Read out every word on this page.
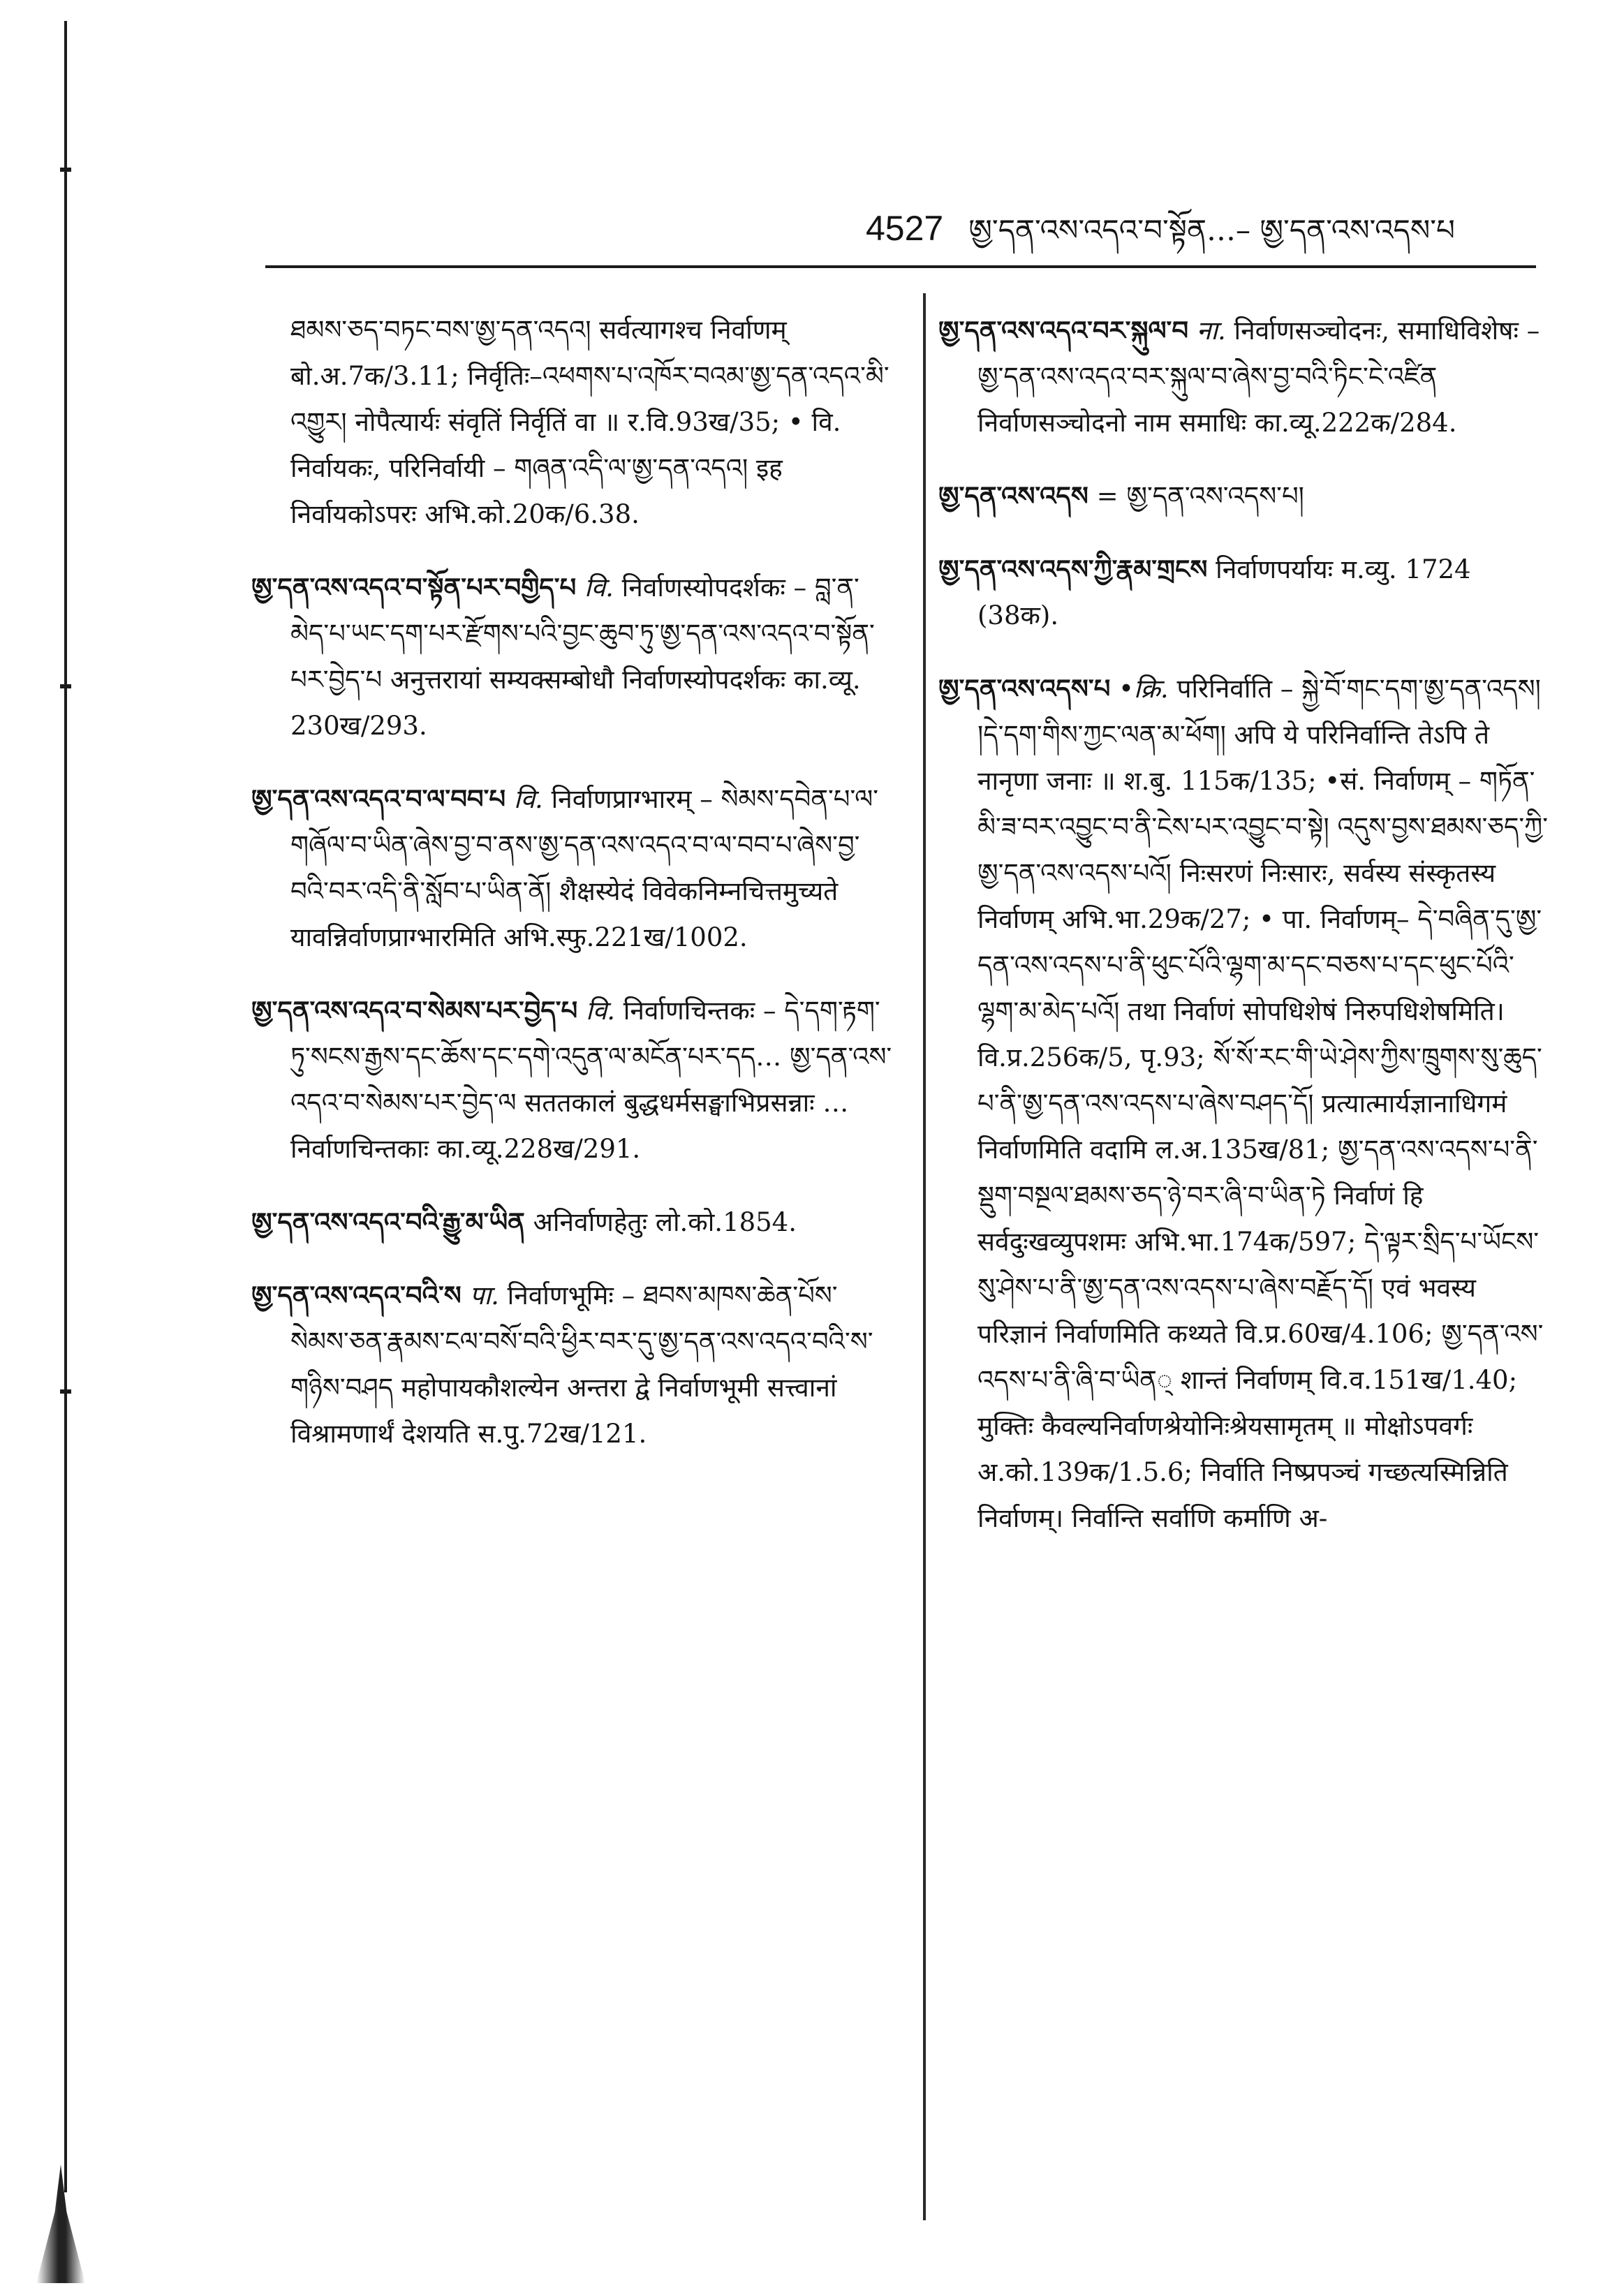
4527 ཨྱ་དན་འས་འདའ་བ་སྟོན…– ཨྱ་དན་འས་འདས་པ
ཐམས་ཅད་བཏང་བས་ཨྱ་དན་འདའ། सर्वत्यागश्च निर्वाणम् बो.अ.7क/3.11; निर्वृतिः–འཕགས་པ་འཁོར་བའམ་ཨྱ་དན་འདའ་མི་འགྱུར། नोपैत्यार्यः संवृतिं निर्वृतिं वा ॥ र.वि.93ख/35; • वि. निर्वायकः, परिनिर्वायी – གཞན་འདི་ལ་ཨྱ་དན་འདའ། इह निर्वायकोऽपरः अभि.को.20क/6.38.
ཨྱ་དན་འས་འདའ་བ་སྟོན་པར་བགྱིད་པ वि. निर्वाणस्योपदर्शकः – བླ་ན་མེད་པ་ཡང་དག་པར་རྫོགས་པའི་བྱང་ཆུབ་ཏུ་ཨྱ་དན་འས་འདའ་བ་སྟོན་པར་བྱེད་པ अनुत्तरायां सम्यक्सम्बोधौ निर्वाणस्योपदर्शकः का.व्यू. 230ख/293.
ཨྱ་དན་འས་འདའ་བ་ལ་བབ་པ वि. निर्वाणप्राग्भारम् – སེམས་དབེན་པ་ལ་གཞོལ་བ་ཡིན་ཞེས་བྱ་བ་ནས་ཨྱ་དན་འས་འདའ་བ་ལ་བབ་པ་ཞེས་བྱ་བའི་བར་འདི་ནི་སློབ་པ་ཡིན་ནོ། शैक्षस्येदं विवेकनिम्नचित्तमुच्यते यावन्निर्वाणप्राग्भारमिति अभि.स्फु.221ख/1002.
ཨྱ་དན་འས་འདའ་བ་སེམས་པར་བྱེད་པ वि. निर्वाणचिन्तकः – དེ་དག་རྟག་ཏུ་སངས་རྒྱས་དང་ཆོས་དང་དགེ་འདུན་ལ་མངོན་པར་དད… ཨྱ་དན་འས་འདའ་བ་སེམས་པར་བྱེད་ལ सततकालं बुद्धधर्मसङ्घाभिप्रसन्नाः …निर्वाणचिन्तकाः का.व्यू.228ख/291.
ཨྱ་དན་འས་འདའ་བའི་རྒྱུ་མ་ཡིན अनिर्वाणहेतुः लो.को.1854.
ཨྱ་དན་འས་འདའ་བའི་ས पा. निर्वाणभूमिः – ཐབས་མཁས་ཆེན་པོས་སེམས་ཅན་རྣམས་ངལ་བསོ་བའི་ཕྱིར་བར་དུ་ཨྱ་དན་འས་འདའ་བའི་ས་གཉིས་བཤད महोपायकौशल्येन अन्तरा द्वे निर्वाणभूमी सत्त्वानां विश्रामणार्थं देशयति स.पु.72ख/121.
ཨྱ་དན་འས་འདའ་བར་སྐུལ་བ ना. निर्वाणसञ्चोदनः, समाधिविशेषः – ཨྱ་དན་འས་འདའ་བར་སྐུལ་བ་ཞེས་བྱ་བའི་ཏིང་ངེ་འཛིན निर्वाणसञ्चोदनो नाम समाधिः का.व्यू.222क/284.
ཨྱ་དན་འས་འདས = ཨྱ་དན་འས་འདས་པ།
ཨྱ་དན་འས་འདས་ཀྱི་རྣམ་གྲངས निर्वाणपर्यायः म.व्यु. 1724 (38क).
ཨྱ་དན་འས་འདས་པ •क्रि. परिनिर्वाति – སྐྱེ་བོ་གང་དག་ཨྱ་དན་འདས། །དེ་དག་གིས་ཀྱང་ལན་མ་ཕོག། अपि ये परिनिर्वान्ति तेऽपि ते नानृणा जनाः ॥ श.बु. 115क/135; •सं. निर्वाणम् – གཏོན་མི་ཟ་བར་འབྱུང་བ་ནི་ངེས་པར་འབྱུང་བ་སྟེ། འདུས་བྱས་ཐམས་ཅད་ཀྱི་ཨྱ་དན་འས་འདས་པའོ། निःसरणं निःसारः, सर्वस्य संस्कृतस्य निर्वाणम् अभि.भा.29क/27; • पा. निर्वाणम्– དེ་བཞིན་དུ་ཨྱ་དན་འས་འདས་པ་ནི་ཕུང་པོའི་ལྷག་མ་དང་བཅས་པ་དང་ཕུང་པོའི་ལྷག་མ་མེད་པའོ། तथा निर्वाणं सोपधिशेषं निरुपधिशेषमिति। वि.प्र.256क/5, पृ.93; སོ་སོ་རང་གི་ཡེ་ཤེས་ཀྱིས་ཁྲུགས་སུ་ཆུད་པ་ནི་ཨྱ་དན་འས་འདས་པ་ཞེས་བཤད་དོ། प्रत्यात्मार्यज्ञानाधिगमं निर्वाणमिति वदामि ल.अ.135ख/81; ཨྱ་དན་འས་འདས་པ་ནི་སྡུག་བསྔལ་ཐམས་ཅད་ཉེ་བར་ཞི་བ་ཡིན་ཏེ निर्वाणं हि सर्वदुःखव्युपशमः अभि.भा.174क/597; དེ་ལྟར་སྲིད་པ་ཡོངས་སུ་ཤེས་པ་ནི་ཨྱ་དན་འས་འདས་པ་ཞེས་བརྗོད་དོ། एवं भवस्य परिज्ञानं निर्वाणमिति कथ्यते वि.प्र.60ख/4.106; ཨྱ་དན་འས་འདས་པ་ནི་ཞི་བ་ཡིན् शान्तं निर्वाणम् वि.व.151ख/1.40; मुक्तिः कैवल्यनिर्वाणश्रेयोनिःश्रेयसामृतम् ॥ मोक्षोऽपवर्गः अ.को.139क/1.5.6; निर्वाति निष्प्रपञ्चं गच्छत्यस्मिन्निति निर्वाणम्। निर्वान्ति सर्वाणि कर्माणि अ-
